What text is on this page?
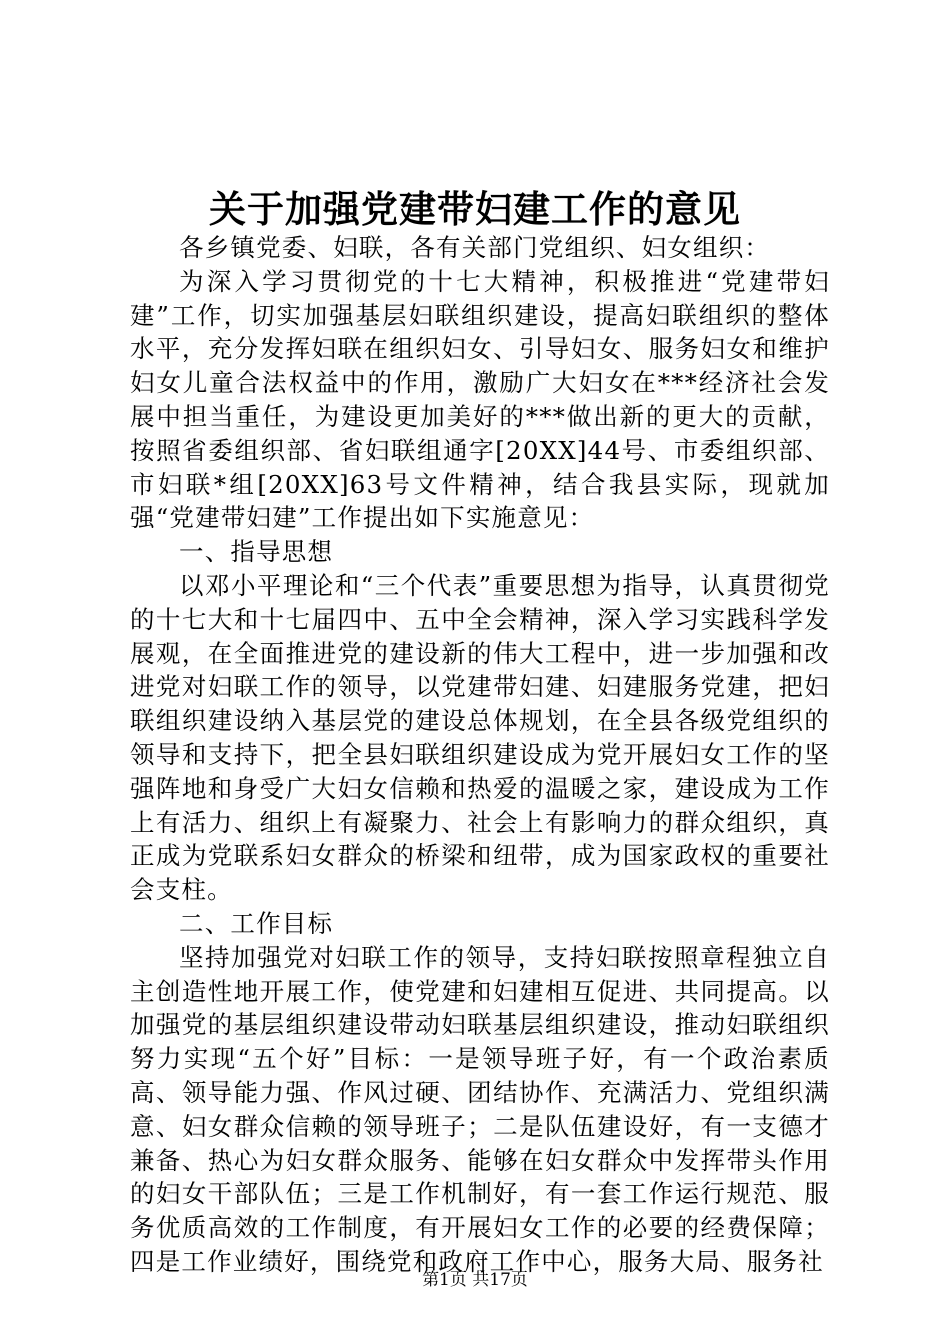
关于加强党建带妇建工作的意见

各乡镇党委、妇联，各有关部门党组织、妇女组织：

为深入学习贯彻党的十七大精神，积极推进“党建带妇建”工作，切实加强基层妇联组织建设，提高妇联组织的整体水平，充分发挥妇联在组织妇女、引导妇女、服务妇女和维护妇女儿童合法权益中的作用，激励广大妇女在***经济社会发展中担当重任，为建设更加美好的***做出新的更大的贡献，按照省委组织部、省妇联组通字[20XX]44号、市委组织部、市妇联*组[20XX]63号文件精神，结合我县实际，现就加强“党建带妇建”工作提出如下实施意见：

一、指导思想

以邓小平理论和“三个代表”重要思想为指导，认真贯彻党的十七大和十七届四中、五中全会精神，深入学习实践科学发展观，在全面推进党的建设新的伟大工程中，进一步加强和改进党对妇联工作的领导，以党建带妇建、妇建服务党建，把妇联组织建设纳入基层党的建设总体规划，在全县各级党组织的领导和支持下，把全县妇联组织建设成为党开展妇女工作的坚强阵地和身受广大妇女信赖和热爱的温暖之家，建设成为工作上有活力、组织上有凝聚力、社会上有影响力的群众组织，真正成为党联系妇女群众的桥梁和纽带，成为国家政权的重要社会支柱。

二、工作目标

坚持加强党对妇联工作的领导，支持妇联按照章程独立自主创造性地开展工作，使党建和妇建相互促进、共同提高。以加强党的基层组织建设带动妇联基层组织建设，推动妇联组织努力实现“五个好”目标：一是领导班子好，有一个政治素质高、领导能力强、作风过硬、团结协作、充满活力、党组织满意、妇女群众信赖的领导班子；二是队伍建设好，有一支德才兼备、热心为妇女群众服务、能够在妇女群众中发挥带头作用的妇女干部队伍；三是工作机制好，有一套工作运行规范、服务优质高效的工作制度，有开展妇女工作的必要的经费保障；四是工作业绩好，围绕党和政府工作中心，服务大局、服务社

第1页 共17页
